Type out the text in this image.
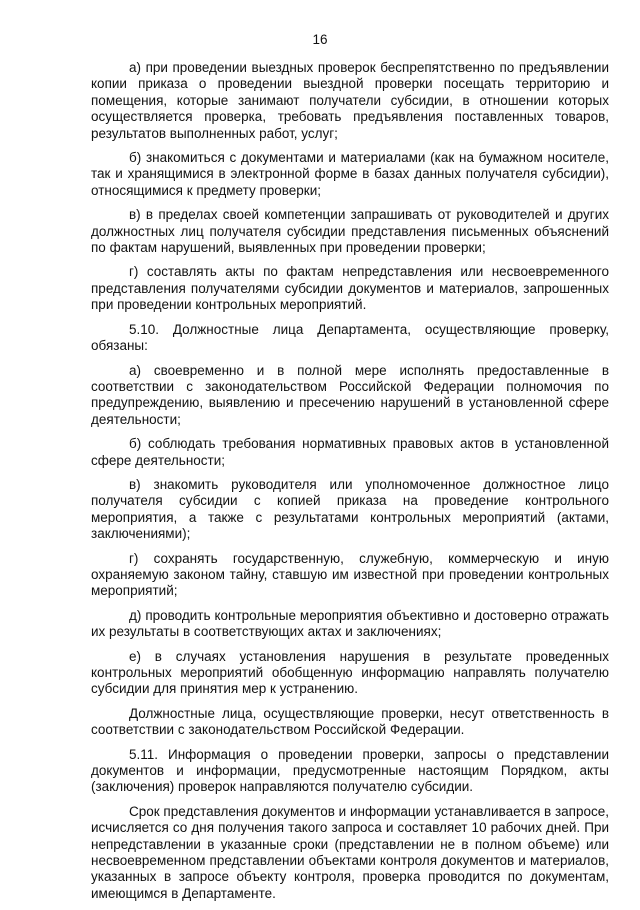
16

а) при проведении выездных проверок беспрепятственно по предъявлении копии приказа о проведении выездной проверки посещать территорию и помещения, которые занимают получатели субсидии, в отношении которых осуществляется проверка, требовать предъявления поставленных товаров, результатов выполненных работ, услуг;

б) знакомиться с документами и материалами (как на бумажном носителе, так и хранящимися в электронной форме в базах данных получателя субсидии), относящимися к предмету проверки;

в) в пределах своей компетенции запрашивать от руководителей и других должностных лиц получателя субсидии представления письменных объяснений по фактам нарушений, выявленных при проведении проверки;

г) составлять акты по фактам непредставления или несвоевременного представления получателями субсидии документов и материалов, запрошенных при проведении контрольных мероприятий.

5.10. Должностные лица Департамента, осуществляющие проверку, обязаны:

а) своевременно и в полной мере исполнять предоставленные в соответствии с законодательством Российской Федерации полномочия по предупреждению, выявлению и пресечению нарушений в установленной сфере деятельности;

б) соблюдать требования нормативных правовых актов в установленной сфере деятельности;

в) знакомить руководителя или уполномоченное должностное лицо получателя субсидии с копией приказа на проведение контрольного мероприятия, а также с результатами контрольных мероприятий (актами, заключениями);

г) сохранять государственную, служебную, коммерческую и иную охраняемую законом тайну, ставшую им известной при проведении контрольных мероприятий;

д) проводить контрольные мероприятия объективно и достоверно отражать их результаты в соответствующих актах и заключениях;

е) в случаях установления нарушения в результате проведенных контрольных мероприятий обобщенную информацию направлять получателю субсидии для принятия мер к устранению.

Должностные лица, осуществляющие проверки, несут ответственность в соответствии с законодательством Российской Федерации.

5.11. Информация о проведении проверки, запросы о представлении документов и информации, предусмотренные настоящим Порядком, акты (заключения) проверок направляются получателю субсидии.

Срок представления документов и информации устанавливается в запросе, исчисляется со дня получения такого запроса и составляет 10 рабочих дней. При непредставлении в указанные сроки (представлении не в полном объеме) или несвоевременном представлении объектами контроля документов и материалов, указанных в запросе объекту контроля, проверка проводится по документам, имеющимся в Департаменте.
